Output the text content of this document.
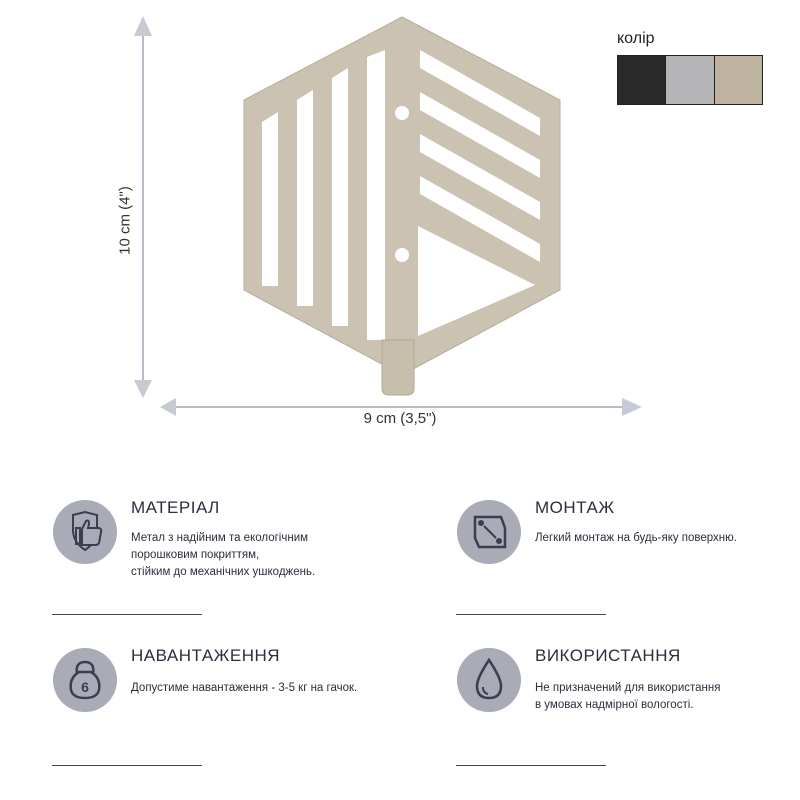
10 cm (4")
9 cm (3,5")
колір
МАТЕРІАЛ
Метал з надійним та екологічним
порошковим покриттям,
стійким до механічних ушкоджень.
МОНТАЖ
Легкий монтаж на будь-яку поверхню.
6
НАВАНТАЖЕННЯ
Допустиме навантаження - 3-5 кг на гачок.
ВИКОРИСТАННЯ
Не призначений для використання
в умовах надмірної вологості.
